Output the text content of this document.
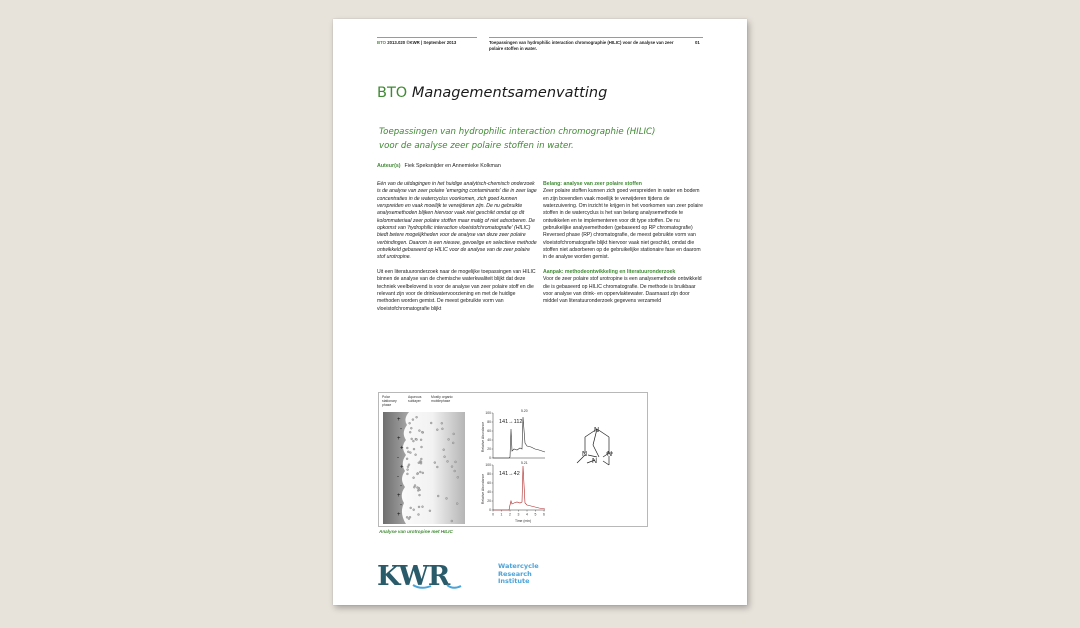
BTO 2013.020 ©KWR | September 2013	Toepassingen van hydrophilic interaction chromographie (HILIC) voor de analyse van zeer polaire stoffen in water.
01
BTO Managementsamenvatting
Toepassingen van hydrophilic interaction chromographie (HILIC)
voor de analyse zeer polaire stoffen in water.
Auteur(s) Fiek Speksnijder en Annemieke Kolkman

Eén van de uitdagingen in het huidige analytisch-chemisch onderzoek is de analyse van zeer polaire 'emerging contaminants' die in zeer lage concentraties in de watercyclus voorkomen, zich goed kunnen verspreiden en vaak moeilijk te verwijderen zijn. De nu gebruikte analysemethoden blijken hiervoor vaak niet geschikt omdat op dit kolommateriaal zeer polaire stoffen maar matig of niet adsorberen. De opkomst van 'hydrophilic interaction vloeistofchromatografie' (HILIC) biedt betere mogelijkheden voor de analyse van deze zeer polaire verbindingen. Daarom is een nieuwe, gevoelige en selectieve methode ontwikkeld gebaseerd op HILIC voor de analyse van de zeer polaire stof urotropine.

Uit een literatuuronderzoek naar de mogelijke toepassingen van HILIC binnen de analyse van de chemische waterkwaliteit blijkt dat deze techniek veelbelovend is voor de analyse van zeer polaire stoff en die relevant zijn voor de drinkwatervoorziening en met de huidige methoden worden gemist. De meest gebruikte vorm van vloeistofchromatografie blijkt

Belang: analyse van zeer polaire stoffen

Zeer polaire stoffen kunnen zich goed verspreiden in water en bodem en zijn bovendien vaak moeilijk te verwijderen tijdens de waterzuivering. Om inzicht te krijgen in het voorkomen van zeer polaire stoffen in de watercyclus is het van belang analysemethode te ontwikkelen en te implementeren voor dit type stoffen. De nu gebruikelijke analysemethoden (gebaseerd op RP chromatografie) Reversed phase (RP) chromatografie, de meest gebruikte vorm van vloeistofchromatografie blijkt hiervoor vaak niet geschikt, omdat die stoffen niet adsorberen op de gebruikelijke stationaire fase en daarom in de analyse worden gemist.

Aanpak: methodeontwikkeling en literatuuronderzoek

Voor de zeer polaire stof urotropine is een analysemethode ontwikkeld die is gebaseerd op HILIC chromatografie. De methode is bruikbaar voor analyse van drink- en oppervlaktewater. Daarnaast zijn door middel van literatuuronderzoek gegevens verzameld

Polar
stationary
phase
Aqueous
sublayer
Mostly organic
mobilephase
+
-
+
+
-
+
-
-
+
-
+
Relative Abundance
0
20
40
60
80
100
141→112
5.20
Relative Abundance
0
20
40
60
80
100
0 1 2 3 4 5 6
141→42
5.21
Time (min)
N
N	N
N
Analyse van urotropine met HILIC
KWR	Watercycle
Research
Institute
